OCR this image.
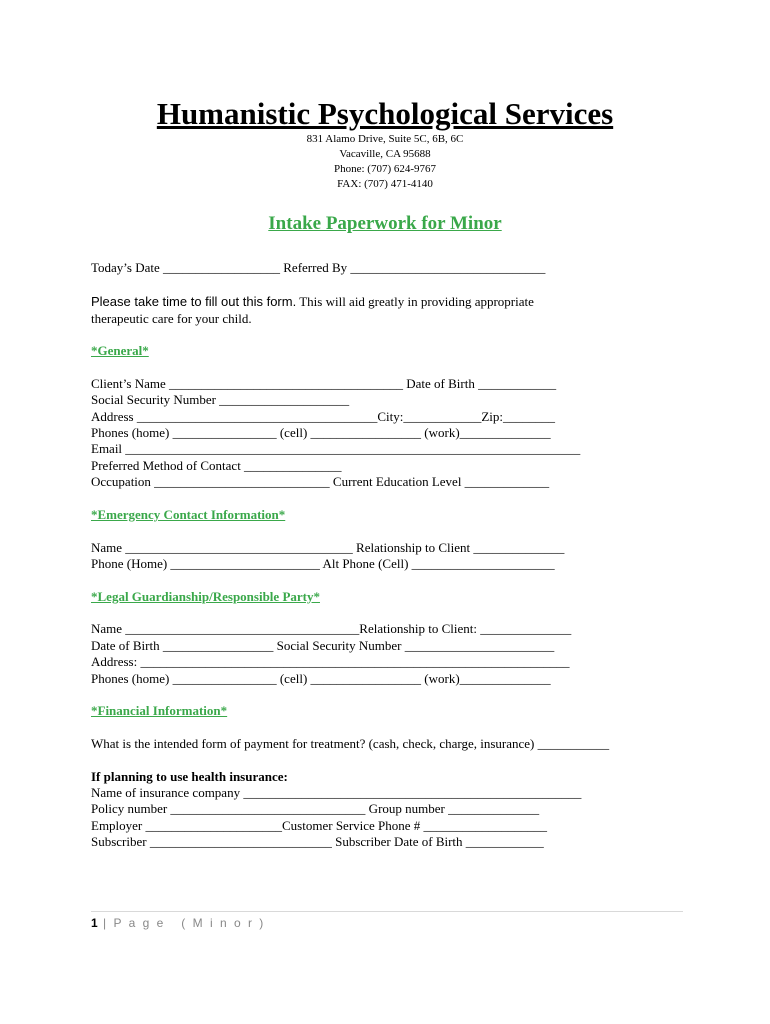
Humanistic Psychological Services
831 Alamo Drive, Suite 5C, 6B, 6C
Vacaville, CA 95688
Phone: (707) 624-9767
FAX: (707) 471-4140
Intake Paperwork for Minor
Today’s Date __________________ Referred By ______________________________
Please take time to fill out this form. This will aid greatly in providing appropriate
therapeutic care for your child.
*General*
Client’s Name ____________________________________ Date of Birth ____________
Social Security Number ____________________
Address _____________________________________City:____________Zip:________
Phones (home) ________________ (cell) _________________ (work)______________
Email ______________________________________________________________________
Preferred Method of Contact _______________
Occupation ___________________________ Current Education Level _____________
*Emergency Contact Information*
Name ___________________________________ Relationship to Client ______________
Phone (Home) _______________________ Alt Phone (Cell) ______________________
*Legal Guardianship/Responsible Party*
Name ____________________________________Relationship to Client: ______________
Date of Birth _________________ Social Security Number _______________________
Address: __________________________________________________________________
Phones (home) ________________ (cell) _________________ (work)______________
*Financial Information*
What is the intended form of payment for treatment? (cash, check, charge, insurance) ___________
If planning to use health insurance:
Name of insurance company ____________________________________________________
Policy number ______________________________ Group number ______________
Employer _____________________Customer Service Phone # ___________________
Subscriber ____________________________ Subscriber Date of Birth ____________
1 | P a g e   ( M i n o r )
